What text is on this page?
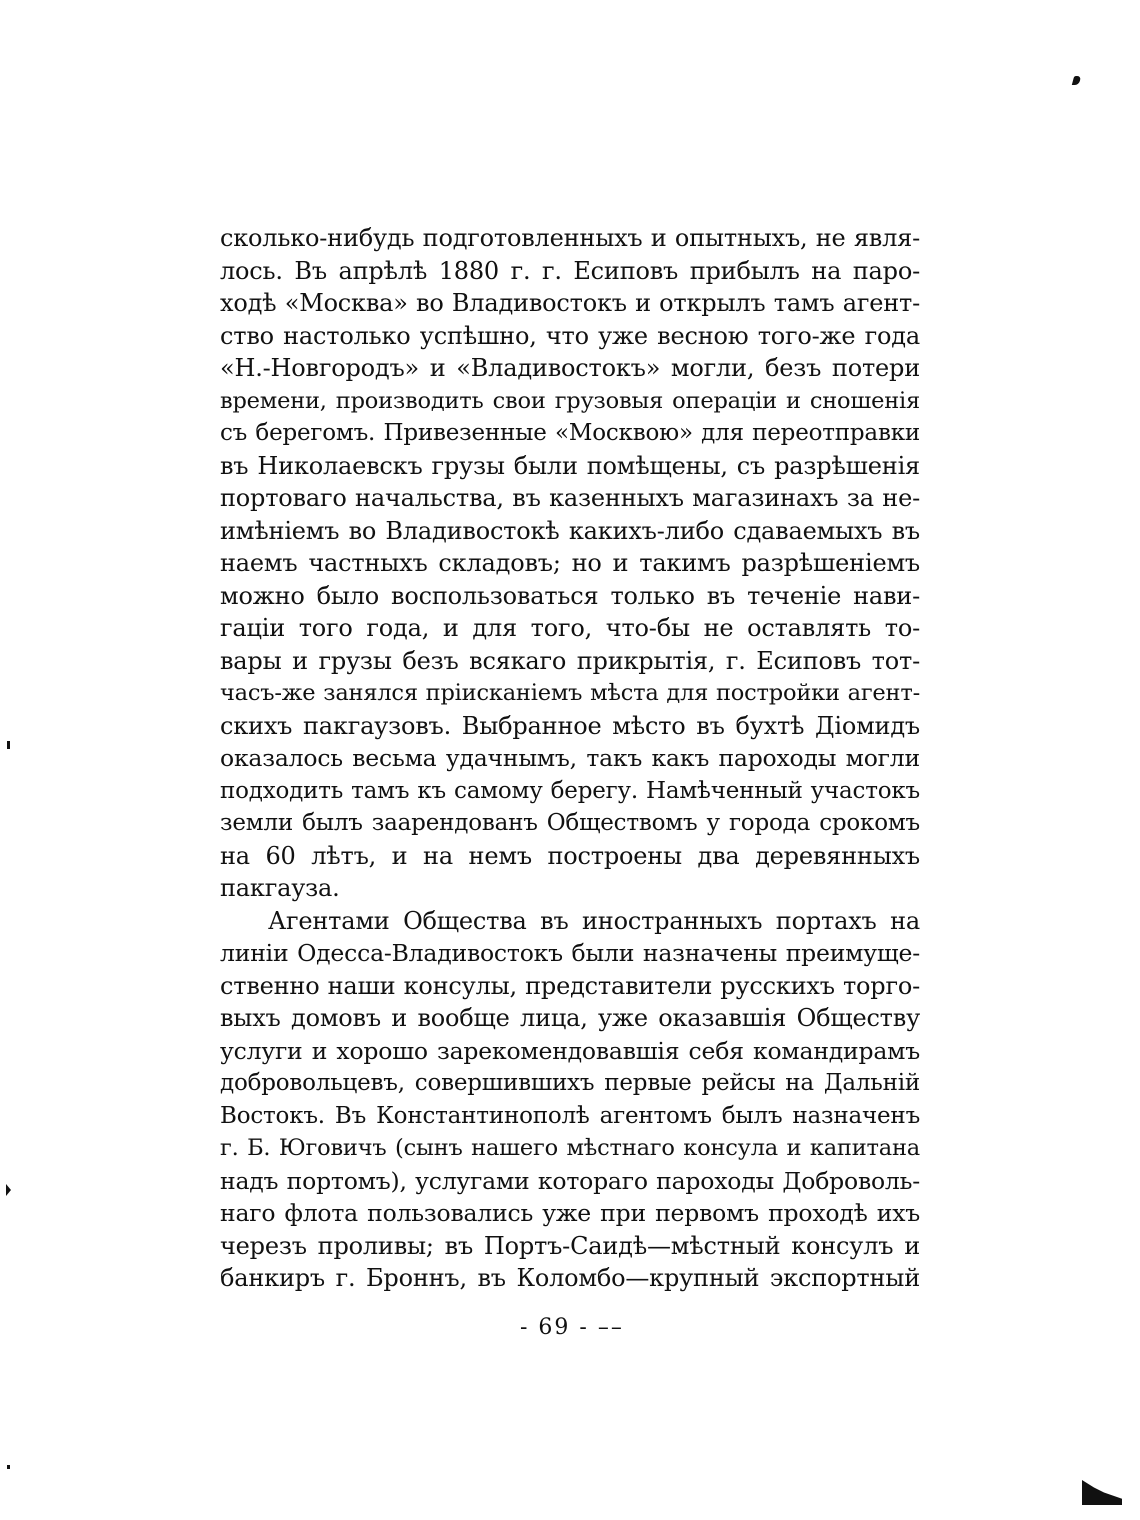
сколько-нибудь подготовленныхъ и опытныхъ, не явля-
лось. Въ апрѣлѣ 1880 г. г. Есиповъ прибылъ на паро-
ходѣ «Москва» во Владивостокъ и открылъ тамъ агент-
ство настолько успѣшно, что уже весною того-же года
«Н.-Новгородъ» и «Владивостокъ» могли, безъ потери
времени, производить свои грузовыя операціи и сношенія
съ берегомъ. Привезенные «Москвою» для переотправки
въ Николаевскъ грузы были помѣщены, съ разрѣшенія
портоваго начальства, въ казенныхъ магазинахъ за не-
имѣніемъ во Владивостокѣ какихъ-либо сдаваемыхъ въ
наемъ частныхъ складовъ; но и такимъ разрѣшеніемъ
можно было воспользоваться только въ теченіе нави-
гаціи того года, и для того, что-бы не оставлять то-
вары и грузы безъ всякаго прикрытія, г. Есиповъ тот-
часъ-же занялся пріисканіемъ мѣста для постройки агент-
скихъ пакгаузовъ. Выбранное мѣсто въ бухтѣ Діомидъ
оказалось весьма удачнымъ, такъ какъ пароходы могли
подходить тамъ къ самому берегу. Намѣченный участокъ
земли былъ заарендованъ Обществомъ у города срокомъ
на 60 лѣтъ, и на немъ построены два деревянныхъ
пакгауза.
Агентами Общества въ иностранныхъ портахъ на
линіи Одесса-Владивостокъ были назначены преимуще-
ственно наши консулы, представители русскихъ торго-
выхъ домовъ и вообще лица, уже оказавшія Обществу
услуги и хорошо зарекомендовавшія себя командирамъ
добровольцевъ, совершившихъ первые рейсы на Дальній
Востокъ. Въ Константинополѣ агентомъ былъ назначенъ
г. Б. Юговичъ (сынъ нашего мѣстнаго консула и капитана
надъ портомъ), услугами котораго пароходы Доброволь-
наго флота пользовались уже при первомъ проходѣ ихъ
черезъ проливы; въ Портъ-Саидѣ—мѣстный консулъ и
банкиръ г. Броннъ, въ Коломбо—крупный экспортный
- 69 - ––
